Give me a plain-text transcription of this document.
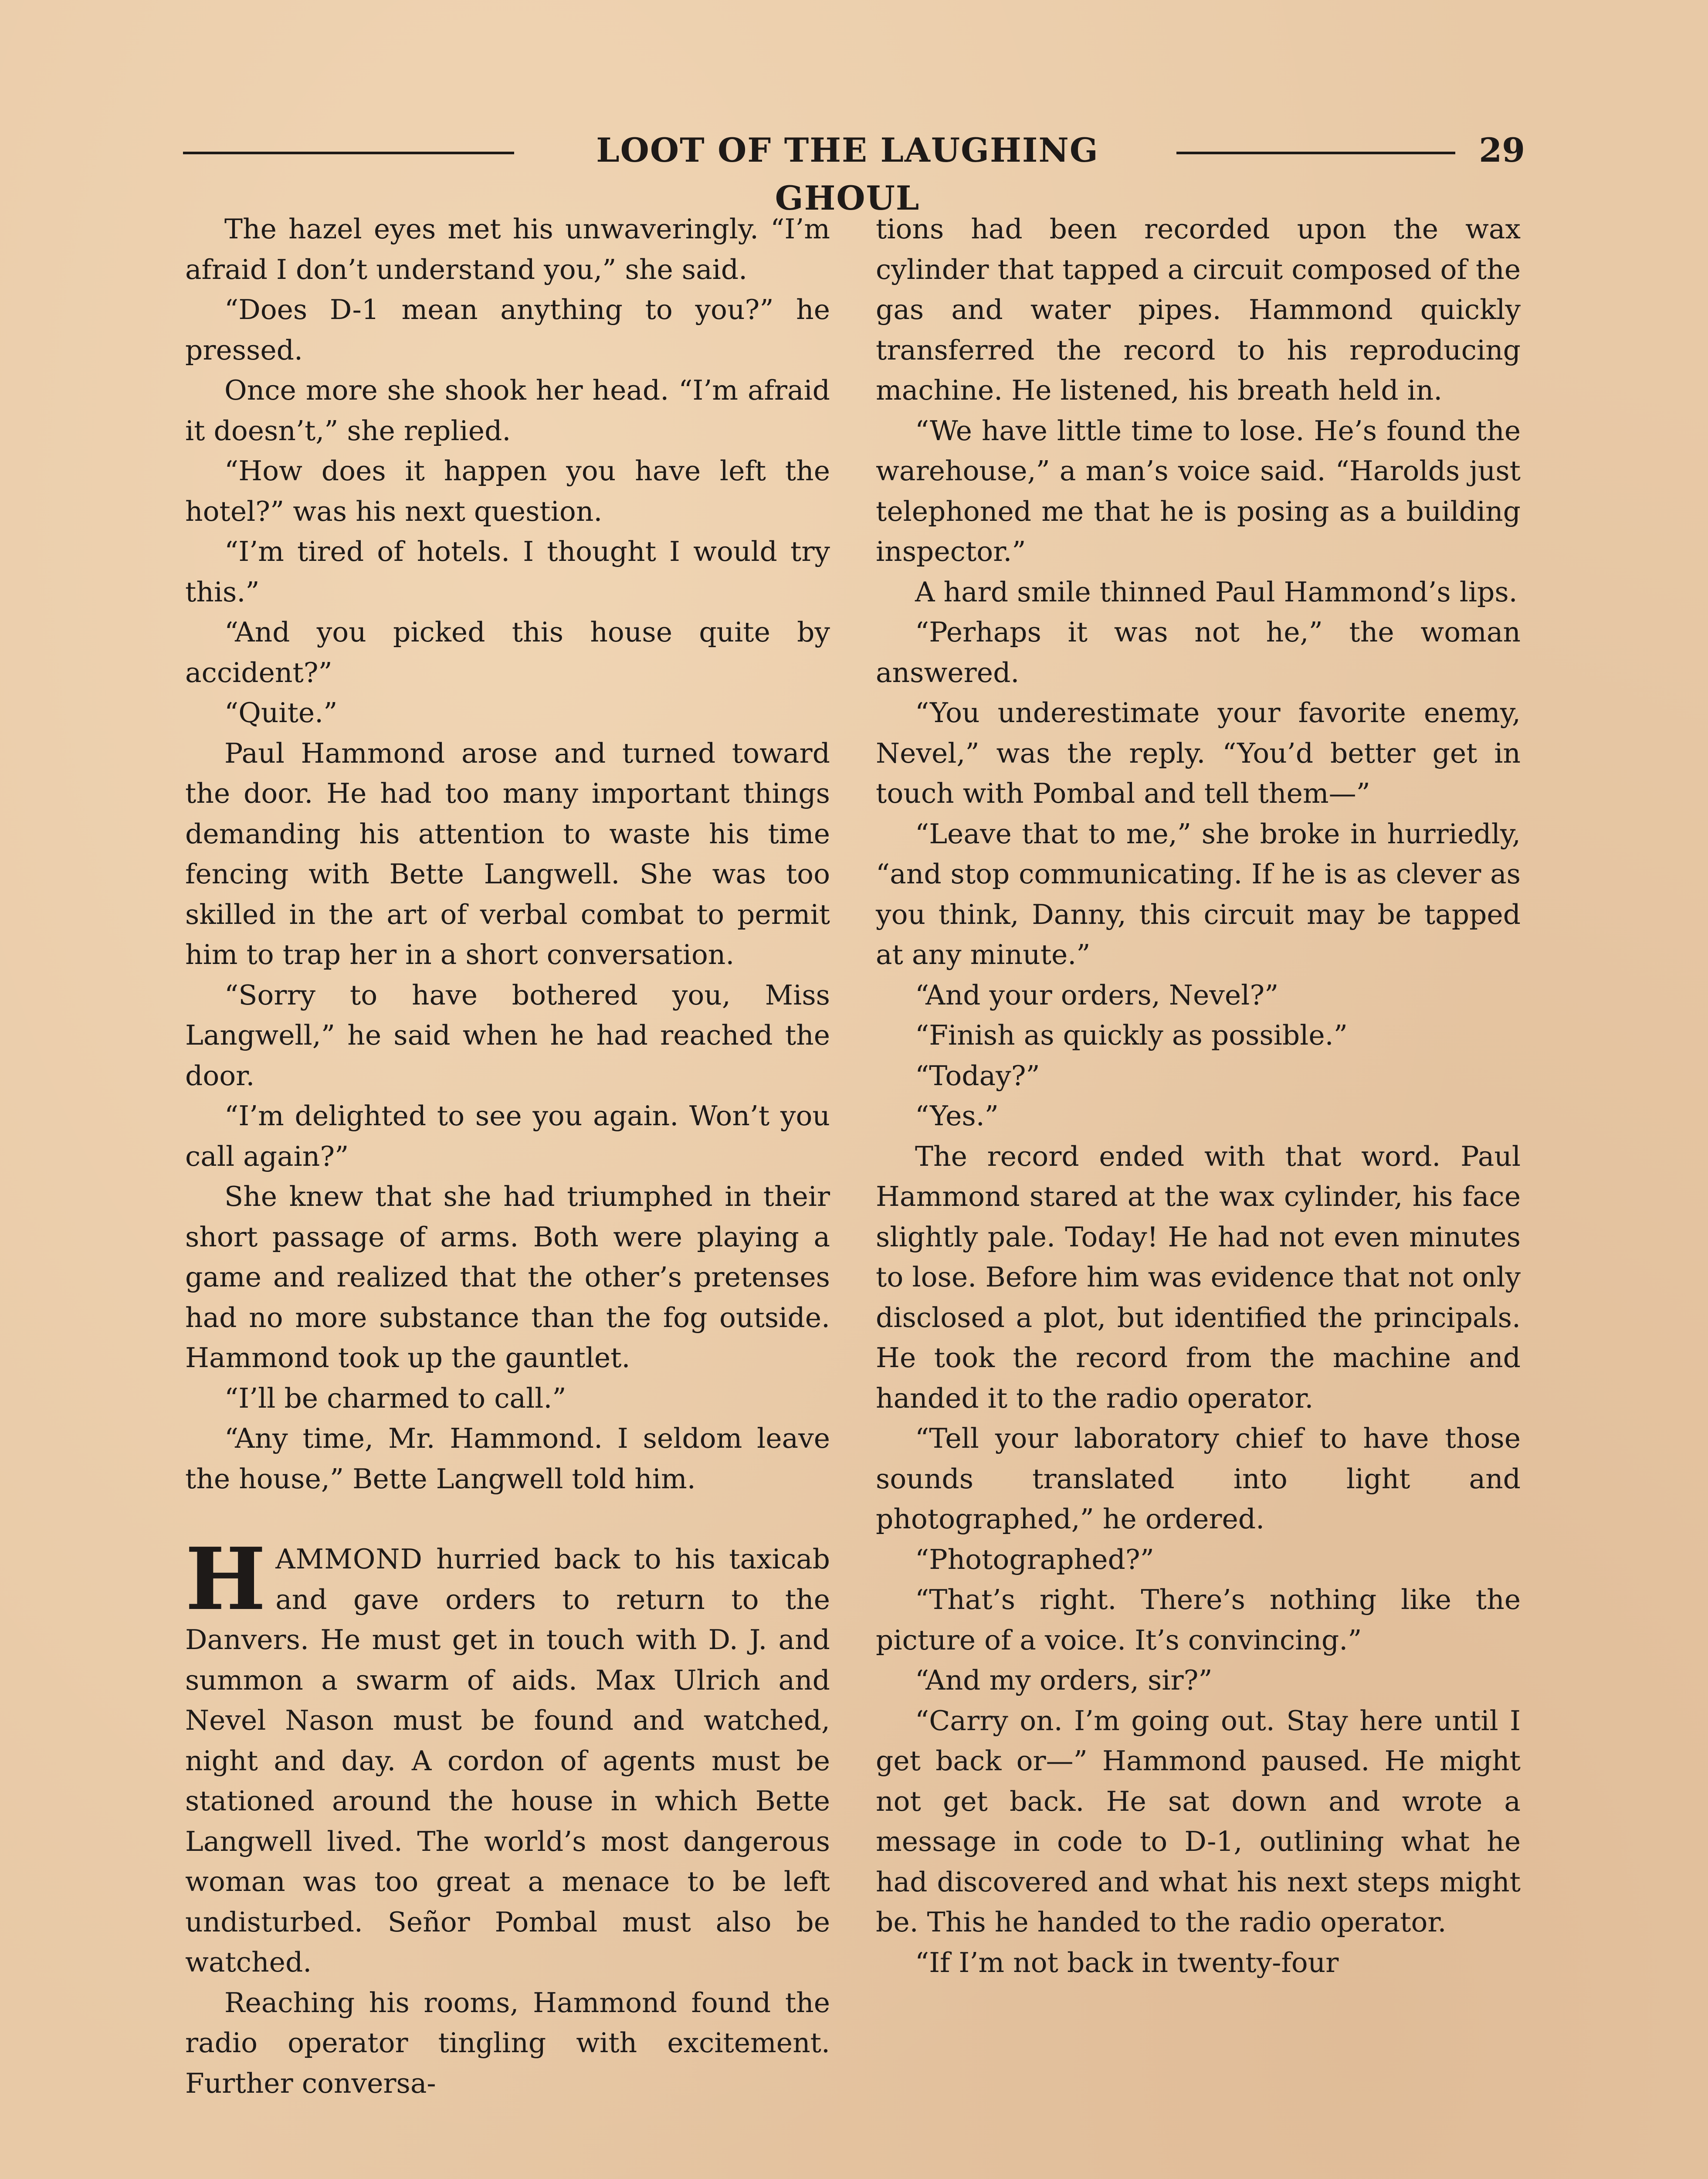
LOOT OF THE LAUGHING GHOUL
29

The hazel eyes met his unwaveringly. “I’m afraid I don’t understand you,” she said.

“Does D-1 mean anything to you?” he pressed.

Once more she shook her head. “I’m afraid it doesn’t,” she replied.

“How does it happen you have left the hotel?” was his next question.

“I’m tired of hotels. I thought I would try this.”

“And you picked this house quite by accident?”

“Quite.”

Paul Hammond arose and turned toward the door. He had too many important things demanding his attention to waste his time fencing with Bette Langwell. She was too skilled in the art of verbal combat to permit him to trap her in a short conversation.

“Sorry to have bothered you, Miss Langwell,” he said when he had reached the door.

“I’m delighted to see you again. Won’t you call again?”

She knew that she had triumphed in their short passage of arms. Both were playing a game and realized that the other’s pretenses had no more substance than the fog outside. Hammond took up the gauntlet.

“I’ll be charmed to call.”

“Any time, Mr. Hammond. I seldom leave the house,” Bette Langwell told him.

HAMMOND hurried back to his taxicab and gave orders to return to the Danvers. He must get in touch with D. J. and summon a swarm of aids. Max Ulrich and Nevel Nason must be found and watched, night and day. A cordon of agents must be stationed around the house in which Bette Langwell lived. The world’s most dangerous woman was too great a menace to be left undisturbed. Señor Pombal must also be watched.

Reaching his rooms, Hammond found the radio operator tingling with excitement. Further conversa-

tions had been recorded upon the wax cylinder that tapped a circuit composed of the gas and water pipes. Hammond quickly transferred the record to his reproducing machine. He listened, his breath held in.

“We have little time to lose. He’s found the warehouse,” a man’s voice said. “Harolds just telephoned me that he is posing as a building inspector.”

A hard smile thinned Paul Hammond’s lips.

“Perhaps it was not he,” the woman answered.

“You underestimate your favorite enemy, Nevel,” was the reply. “You’d better get in touch with Pombal and tell them—”

“Leave that to me,” she broke in hurriedly, “and stop communicating. If he is as clever as you think, Danny, this circuit may be tapped at any minute.”

“And your orders, Nevel?”

“Finish as quickly as possible.”

“Today?”

“Yes.”

The record ended with that word. Paul Hammond stared at the wax cylinder, his face slightly pale. Today! He had not even minutes to lose. Before him was evidence that not only disclosed a plot, but identified the principals. He took the record from the machine and handed it to the radio operator.

“Tell your laboratory chief to have those sounds translated into light and photographed,” he ordered.

“Photographed?”

“That’s right. There’s nothing like the picture of a voice. It’s convincing.”

“And my orders, sir?”

“Carry on. I’m going out. Stay here until I get back or—” Hammond paused. He might not get back. He sat down and wrote a message in code to D-1, outlining what he had discovered and what his next steps might be. This he handed to the radio operator.

“If I’m not back in twenty-four
